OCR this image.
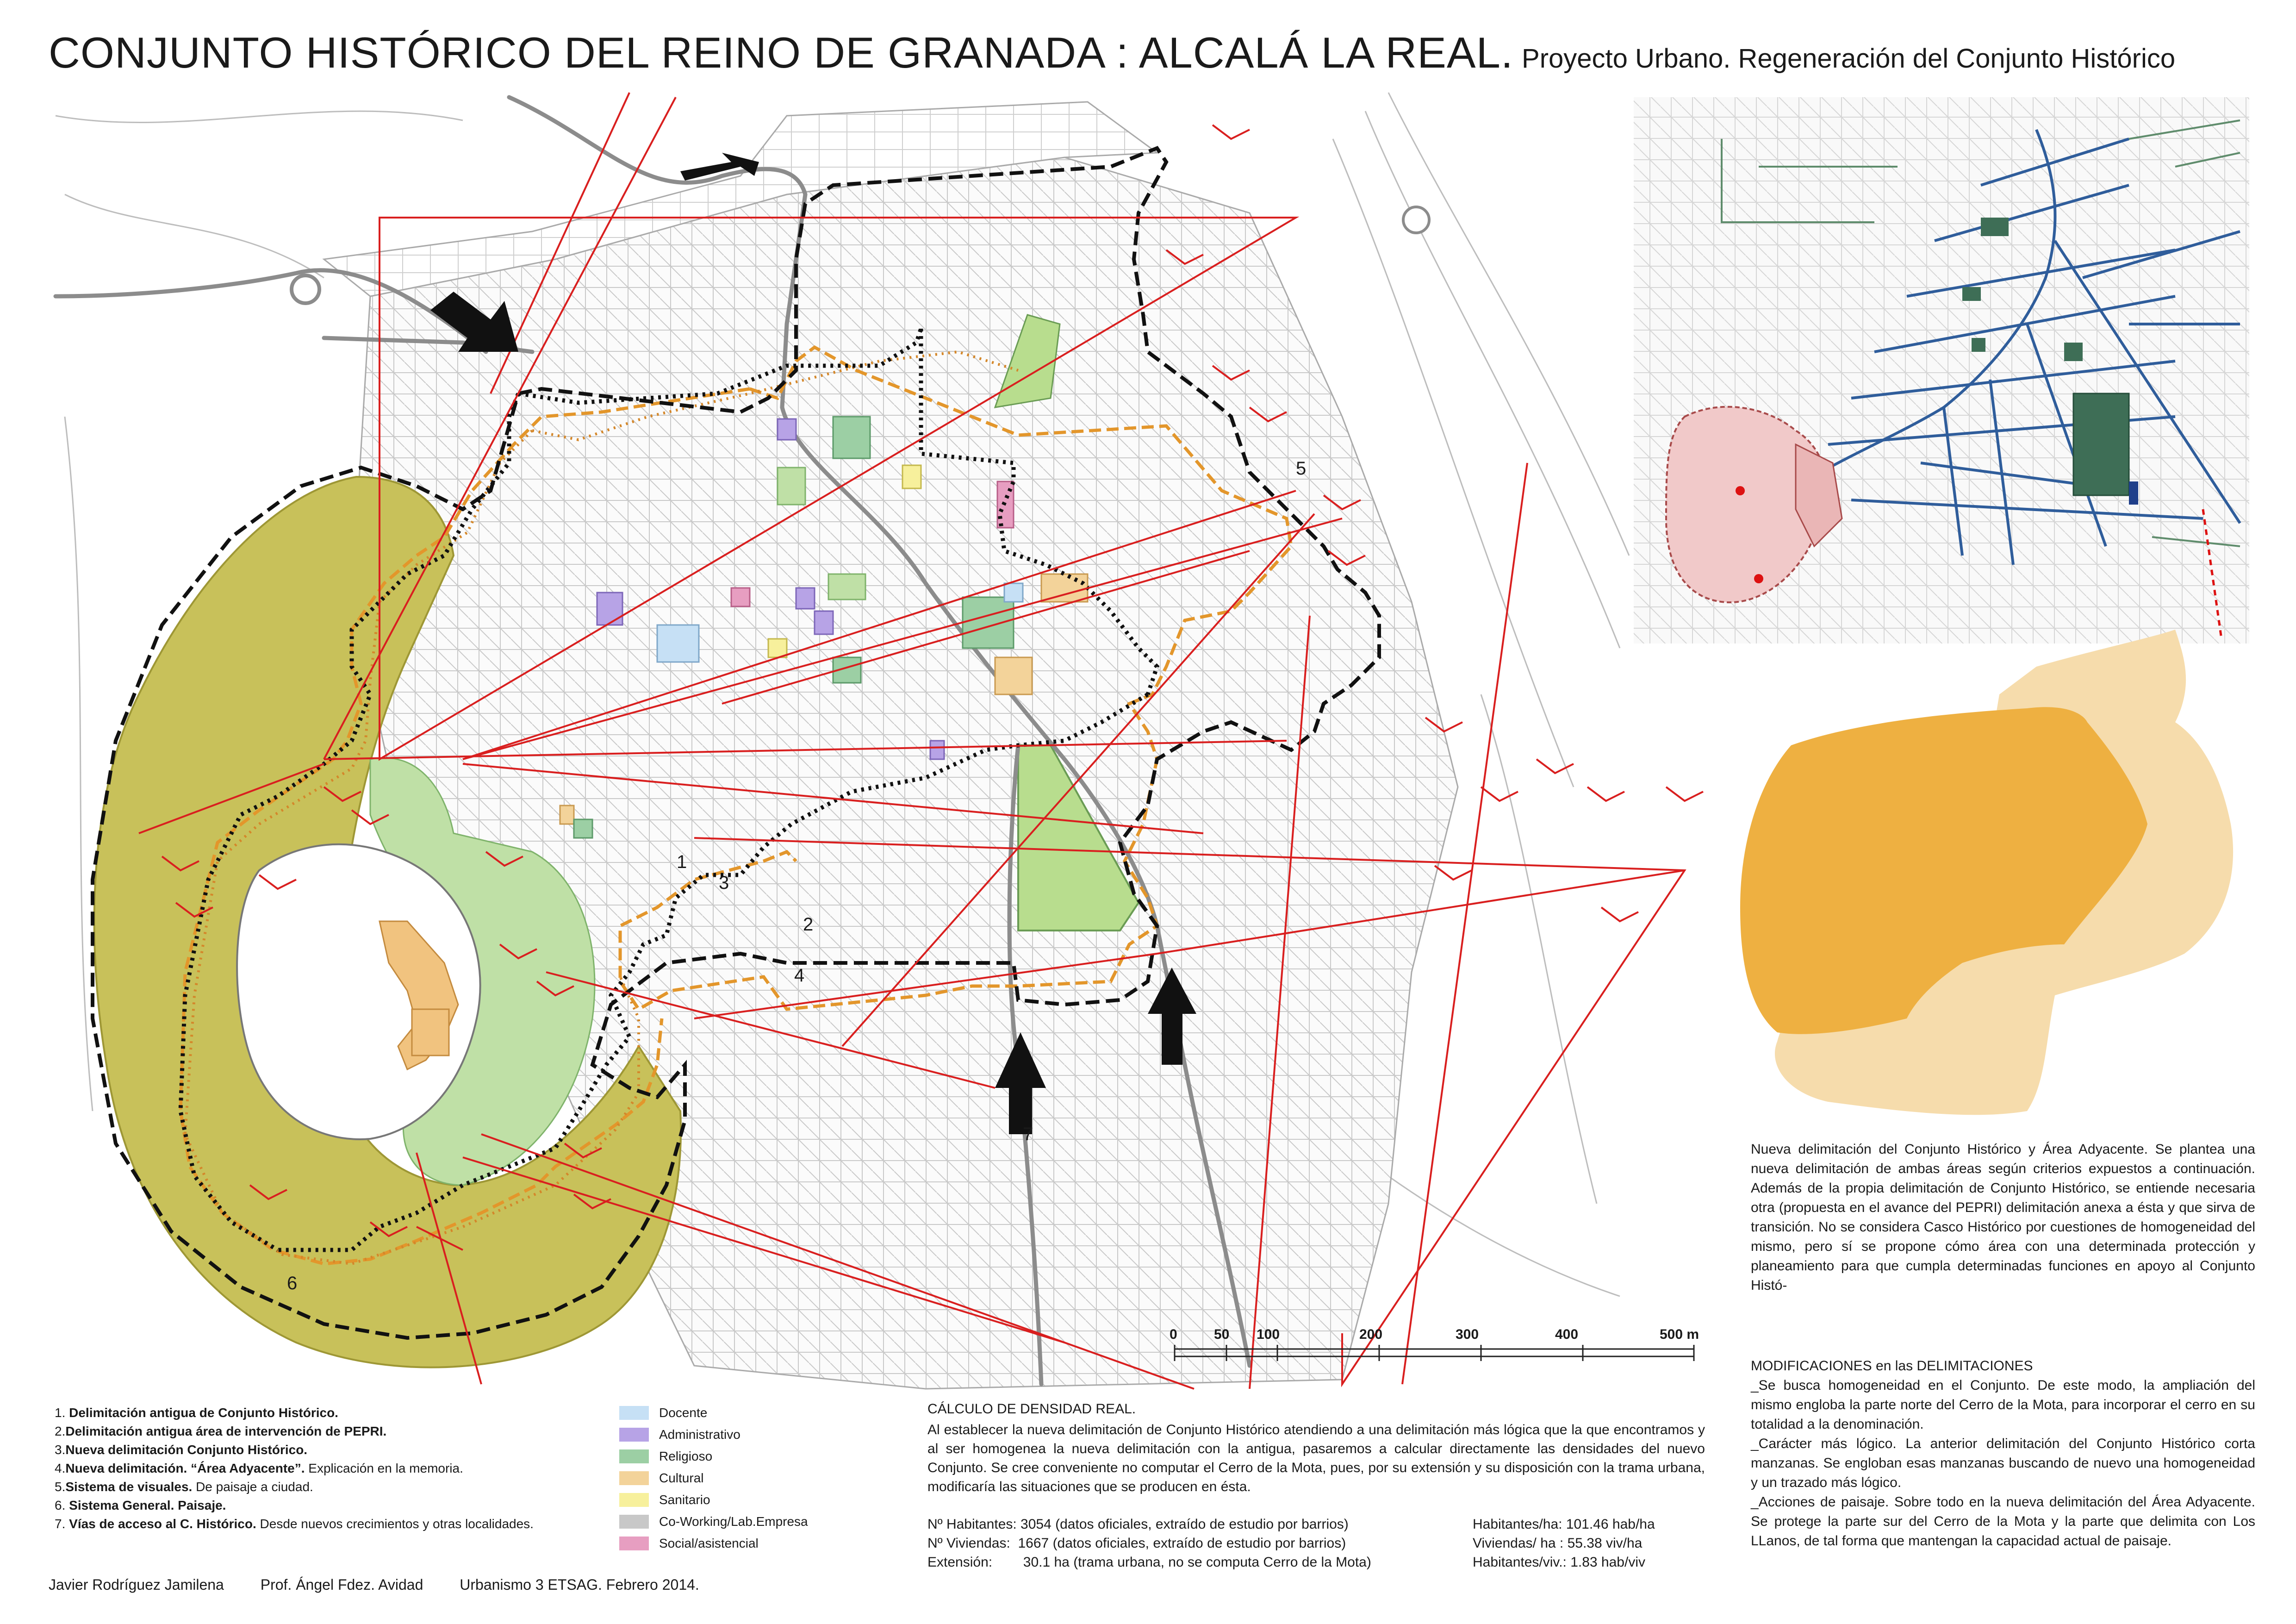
CONJUNTO HISTÓRICO DEL REINO DE GRANADA : ALCALÁ LA REAL. Proyecto Urbano. Regeneración del Conjunto Histórico
1
2
3
4
5
6
7
0	50 100	200	300	400	500 m
1. Delimitación antigua de Conjunto Histórico.
2.Delimitación antigua área de intervención de PEPRI.
3.Nueva delimitación Conjunto Histórico.
4.Nueva delimitación. “Área Adyacente”. Explicación en la memoria.
5.Sistema de visuales. De paisaje a ciudad.
6. Sistema General. Paisaje.
7. Vías de acceso al C. Histórico. Desde nuevos crecimientos y otras localidades.
Docente
Administrativo
Religioso
Cultural
Sanitario
Co-Working/Lab.Empresa
Social/asistencial
CÁLCULO DE DENSIDAD REAL.
Al establecer la nueva delimitación de Conjunto Histórico atendiendo a una delimitación más lógica que la que encontramos y al ser homogenea la nueva delimitación con la antigua, pasaremos a calcular directamente las densidades del nuevo Conjunto. Se cree conveniente no computar el Cerro de la Mota, pues, por su extensión y su disposición con la trama urbana, modificaría las situaciones que se producen en ésta.
Nº Habitantes: 3054 (datos oficiales, extraído de estudio por barrios)
Nº Viviendas:  1667 (datos oficiales, extraído de estudio por barrios)
Extensión:        30.1 ha (trama urbana, no se computa Cerro de la Mota)
Habitantes/ha: 101.46 hab/ha
Viviendas/ ha : 55.38 viv/ha
Habitantes/viv.: 1.83 hab/viv
Javier Rodríguez Jamilena Prof. Ángel Fdez. Avidad Urbanismo 3 ETSAG. Febrero 2014.
Nueva delimitación del Conjunto Histórico y Área Adyacente. Se plantea una nueva delimitación de ambas áreas según criterios expuestos a continuación. Además de la propia delimitación de Conjunto Histórico, se entiende necesaria otra (propuesta en el avance del PEPRI) delimitación anexa a ésta y que sirva de transición. No se considera Casco Histórico por cuestiones de homogeneidad del mismo, pero sí se propone cómo área con una determinada protección y planeamiento para que cumpla determinadas funciones en apoyo al Conjunto Histó-

MODIFICACIONES en las DELIMITACIONES

_Se busca homogeneidad en el Conjunto. De este modo, la ampliación del mismo engloba la parte norte del Cerro de la Mota, para incorporar el cerro en su totalidad a la denominación.

_Carácter más lógico. La anterior delimitación del Conjunto Histórico corta manzanas. Se engloban esas manzanas buscando de nuevo una homogeneidad y un trazado más lógico.

_Acciones de paisaje. Sobre todo en la nueva delimitación del Área Adyacente. Se protege la parte sur del Cerro de la Mota y la parte que delimita con Los LLanos, de tal forma que mantengan la capacidad actual de paisaje.
